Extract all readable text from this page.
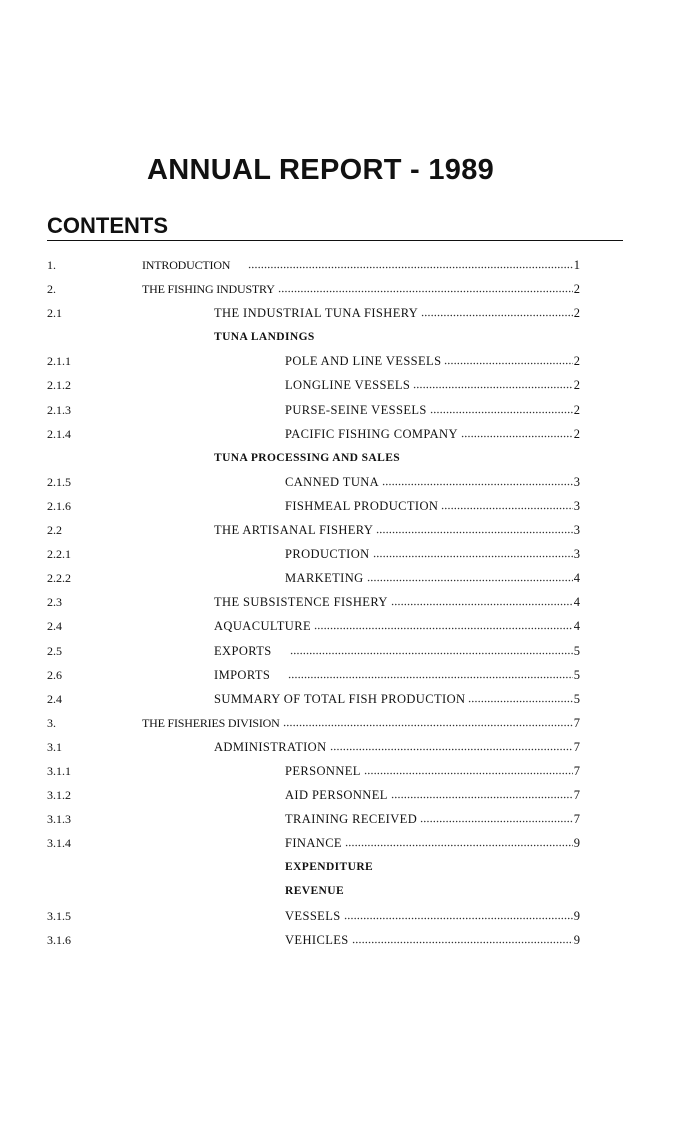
ANNUAL REPORT - 1989
CONTENTS
1.	INTRODUCTION	1
2.	THE FISHING INDUSTRY	2
2.1	THE INDUSTRIAL TUNA FISHERY	2
TUNA LANDINGS
2.1.1	POLE AND LINE VESSELS	2
2.1.2	LONGLINE VESSELS	2
2.1.3	PURSE-SEINE VESSELS	2
2.1.4	PACIFIC FISHING COMPANY	2
TUNA PROCESSING AND SALES
2.1.5	CANNED TUNA	3
2.1.6	FISHMEAL PRODUCTION	3
2.2	THE ARTISANAL FISHERY	3
2.2.1	PRODUCTION	3
2.2.2	MARKETING	4
2.3	THE SUBSISTENCE FISHERY	4
2.4	AQUACULTURE	4
2.5	EXPORTS	5
2.6	IMPORTS	5
2.4	SUMMARY OF TOTAL FISH PRODUCTION	5
3.	THE FISHERIES DIVISION	7
3.1	ADMINISTRATION	7
3.1.1	PERSONNEL	7
3.1.2	AID PERSONNEL	7
3.1.3	TRAINING RECEIVED	7
3.1.4	FINANCE	9
EXPENDITURE
REVENUE
3.1.5	VESSELS	9
3.1.6	VEHICLES	9
